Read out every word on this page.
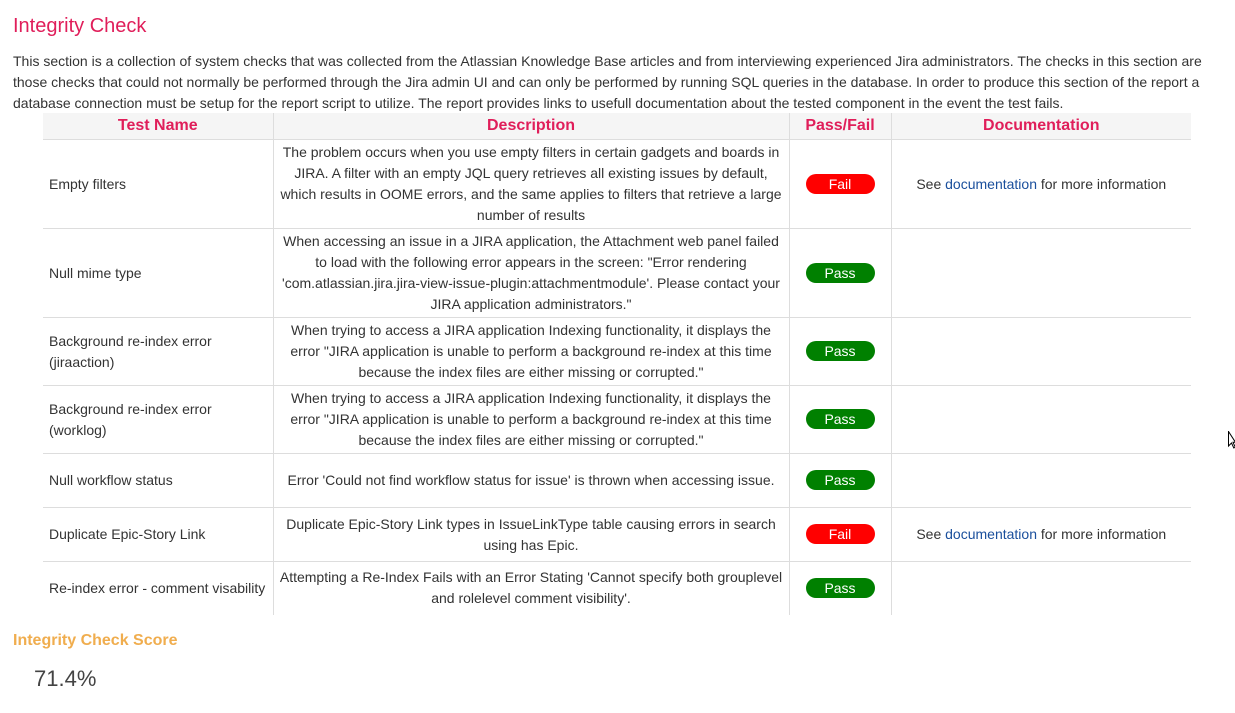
Integrity Check

This section is a collection of system checks that was collected from the Atlassian Knowledge Base articles and from interviewing experienced Jira administrators. The checks in this section are those checks that could not normally be performed through the Jira admin UI and can only be performed by running SQL queries in the database. In order to produce this section of the report a database connection must be setup for the report script to utilize. The report provides links to usefull documentation about the tested component in the event the test fails.

Test Name	Description	Pass/Fail	Documentation
Empty filters	The problem occurs when you use empty filters in certain gadgets and boards in JIRA. A filter with an empty JQL query retrieves all existing issues by default, which results in OOME errors, and the same applies to filters that retrieve a large number of results	Fail	See documentation for more information
Null mime type	When accessing an issue in a JIRA application, the Attachment web panel failed to load with the following error appears in the screen: "Error rendering 'com.atlassian.jira.jira-view-issue-plugin:attachmentmodule'. Please contact your JIRA application administrators."	Pass	
Background re-index error (jiraaction)	When trying to access a JIRA application Indexing functionality, it displays the error "JIRA application is unable to perform a background re-index at this time because the index files are either missing or corrupted."	Pass	
Background re-index error (worklog)	When trying to access a JIRA application Indexing functionality, it displays the error "JIRA application is unable to perform a background re-index at this time because the index files are either missing or corrupted."	Pass	
Null workflow status	Error 'Could not find workflow status for issue' is thrown when accessing issue.	Pass	
Duplicate Epic-Story Link	Duplicate Epic-Story Link types in IssueLinkType table causing errors in search using has Epic.	Fail	See documentation for more information
Re-index error - comment visability	Attempting a Re-Index Fails with an Error Stating 'Cannot specify both grouplevel and rolelevel comment visibility'.	Pass	
Integrity Check Score
71.4%
